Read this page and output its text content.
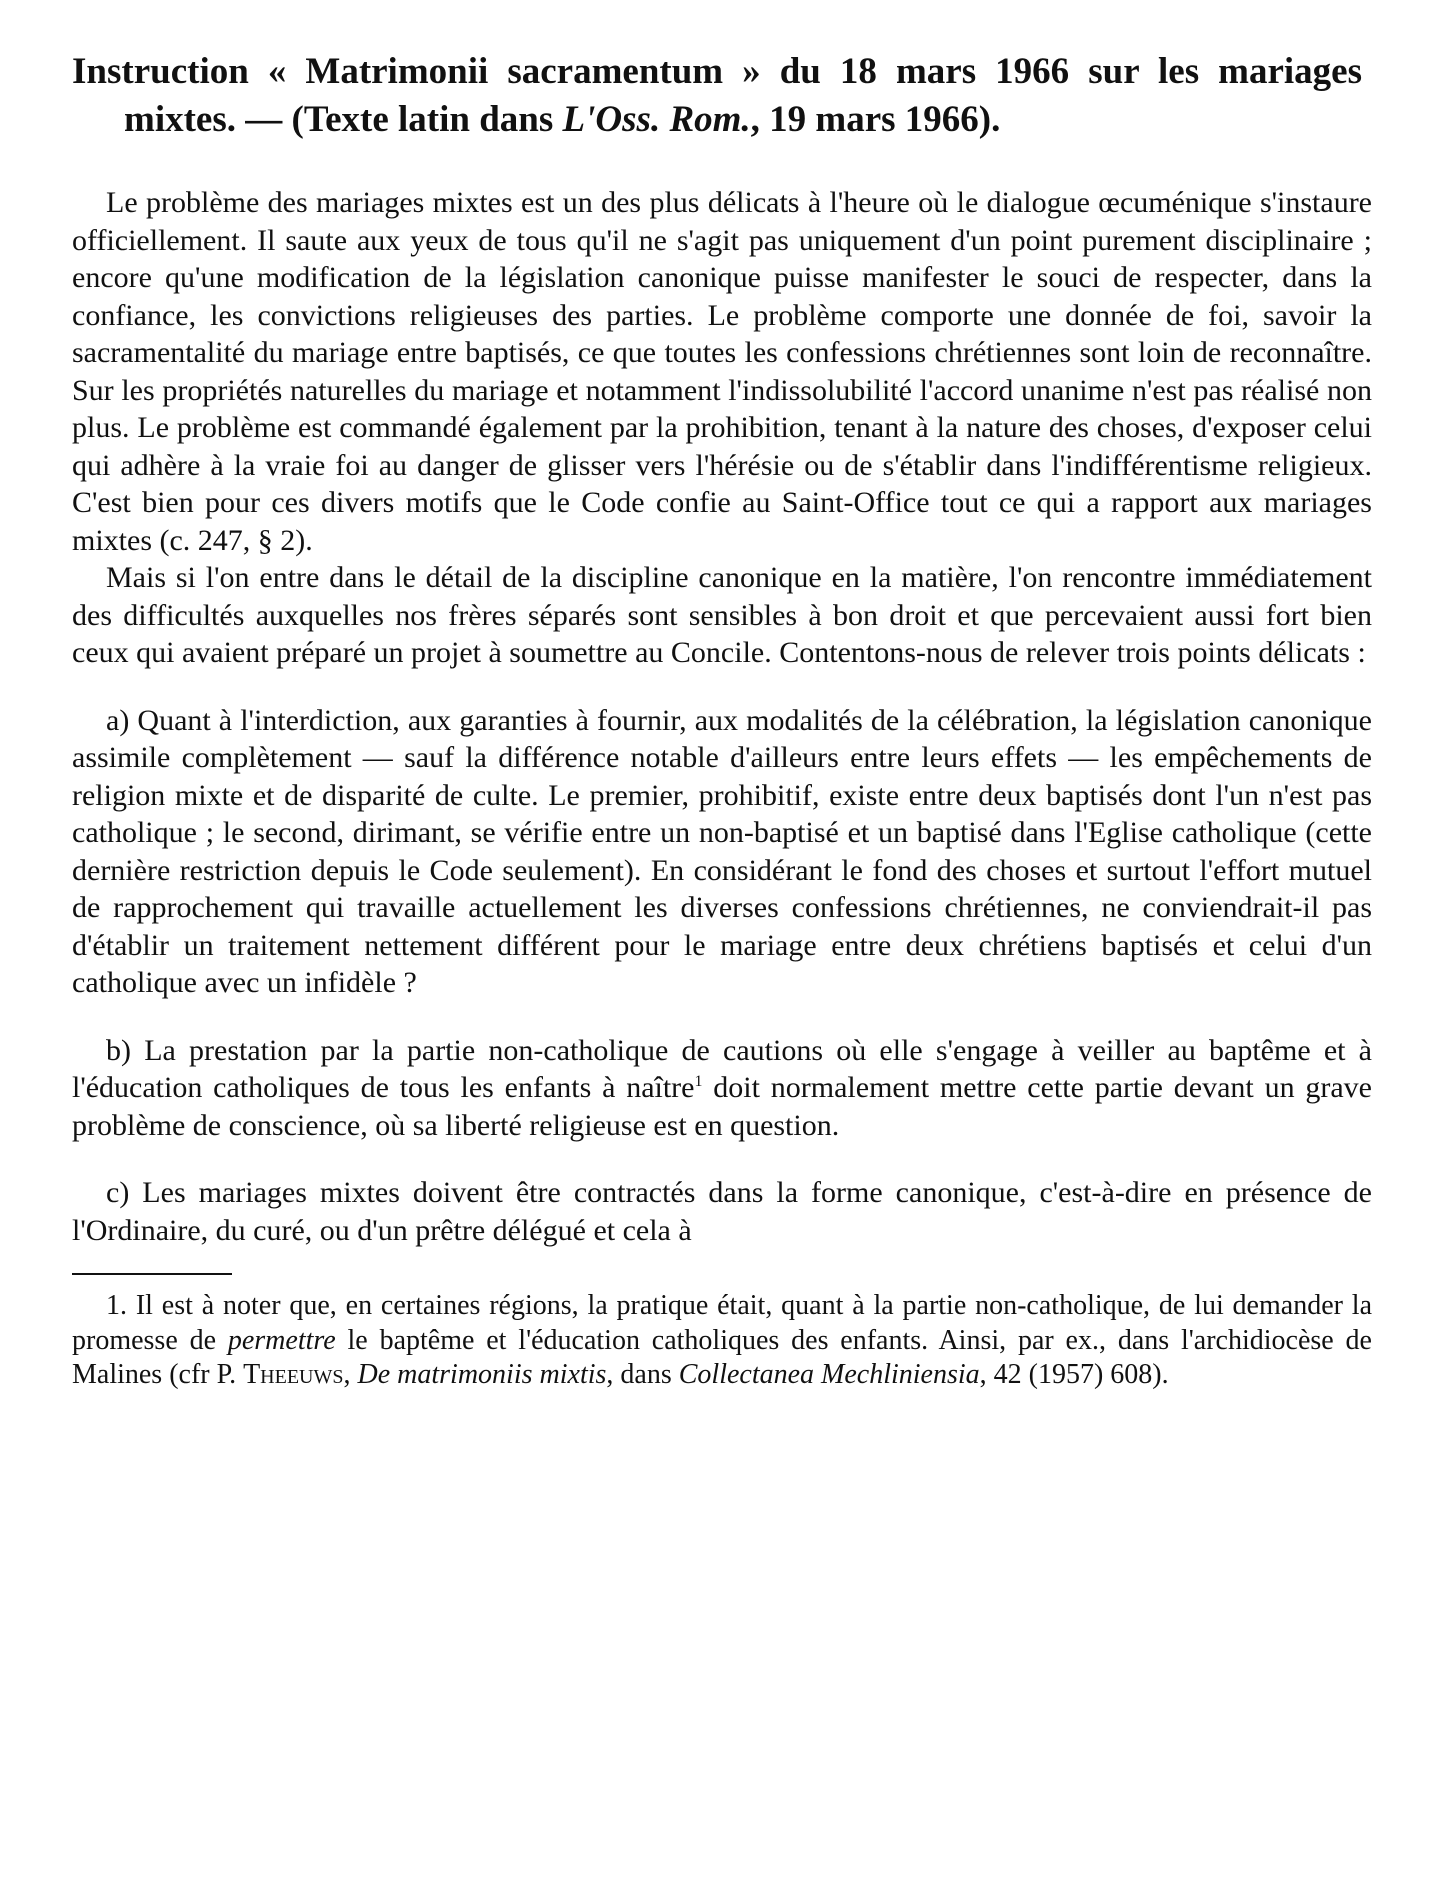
Instruction « Matrimonii sacramentum » du 18 mars 1966 sur les mariages mixtes. — (Texte latin dans L'Oss. Rom., 19 mars 1966).

Le problème des mariages mixtes est un des plus délicats à l'heure où le dialogue œcuménique s'instaure officiellement. Il saute aux yeux de tous qu'il ne s'agit pas uniquement d'un point purement disciplinaire ; encore qu'une modification de la législation canonique puisse manifester le souci de respecter, dans la confiance, les convictions religieuses des parties. Le problème comporte une donnée de foi, savoir la sacramentalité du mariage entre baptisés, ce que toutes les confessions chrétiennes sont loin de reconnaître. Sur les propriétés naturelles du mariage et notamment l'indissolubilité l'accord unanime n'est pas réalisé non plus. Le problème est commandé également par la prohibition, tenant à la nature des choses, d'exposer celui qui adhère à la vraie foi au danger de glisser vers l'hérésie ou de s'établir dans l'indifférentisme religieux. C'est bien pour ces divers motifs que le Code confie au Saint-Office tout ce qui a rapport aux mariages mixtes (c. 247, § 2).

Mais si l'on entre dans le détail de la discipline canonique en la matière, l'on rencontre immédiatement des difficultés auxquelles nos frères séparés sont sensibles à bon droit et que percevaient aussi fort bien ceux qui avaient préparé un projet à soumettre au Concile. Contentons-nous de relever trois points délicats :

a) Quant à l'interdiction, aux garanties à fournir, aux modalités de la célébration, la législation canonique assimile complètement — sauf la différence notable d'ailleurs entre leurs effets — les empêchements de religion mixte et de disparité de culte. Le premier, prohibitif, existe entre deux baptisés dont l'un n'est pas catholique ; le second, dirimant, se vérifie entre un non-baptisé et un baptisé dans l'Eglise catholique (cette dernière restriction depuis le Code seulement). En considérant le fond des choses et surtout l'effort mutuel de rapprochement qui travaille actuellement les diverses confessions chrétiennes, ne conviendrait-il pas d'établir un traitement nettement différent pour le mariage entre deux chrétiens baptisés et celui d'un catholique avec un infidèle ?

b) La prestation par la partie non-catholique de cautions où elle s'engage à veiller au baptême et à l'éducation catholiques de tous les enfants à naître$^1$ doit normalement mettre cette partie devant un grave problème de conscience, où sa liberté religieuse est en question.

c) Les mariages mixtes doivent être contractés dans la forme canonique, c'est-à-dire en présence de l'Ordinaire, du curé, ou d'un prêtre délégué et cela à

1. Il est à noter que, en certaines régions, la pratique était, quant à la partie non-catholique, de lui demander la promesse de permettre le baptême et l'éducation catholiques des enfants. Ainsi, par ex., dans l'archidiocèse de Malines (cfr P. Theeuws, De matrimoniis mixtis, dans Collectanea Mechliniensia, 42 (1957) 608).
